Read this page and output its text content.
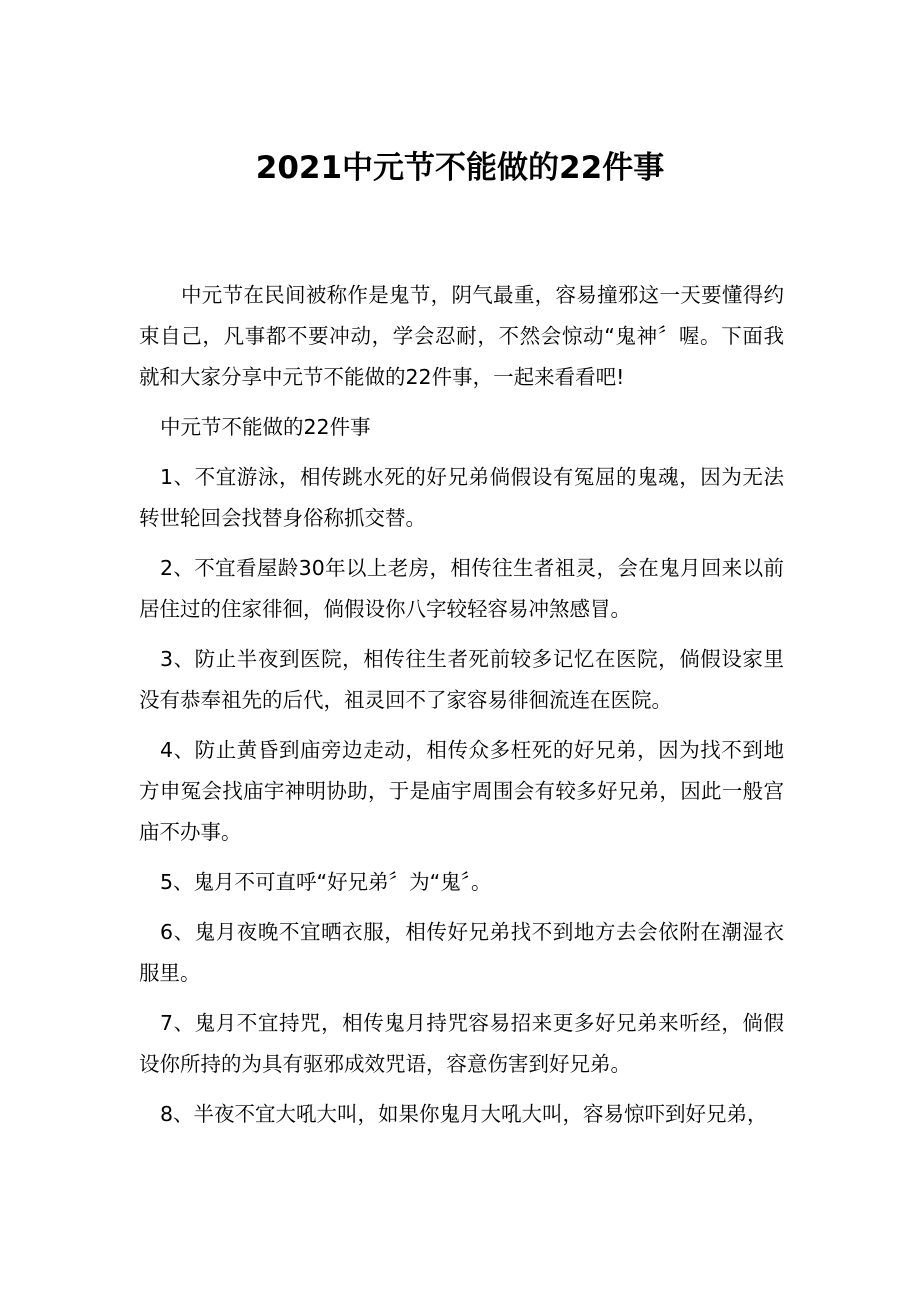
2021中元节不能做的22件事

中元节在民间被称作是鬼节，阴气最重，容易撞邪这一天要懂得约束自己，凡事都不要冲动，学会忍耐，不然会惊动“鬼神〞喔。下面我就和大家分享中元节不能做的22件事，一起来看看吧!

中元节不能做的22件事

1、不宜游泳，相传跳水死的好兄弟倘假设有冤屈的鬼魂，因为无法转世轮回会找替身俗称抓交替。

2、不宜看屋龄30年以上老房，相传往生者祖灵，会在鬼月回来以前居住过的住家徘徊，倘假设你八字较轻容易冲煞感冒。

3、防止半夜到医院，相传往生者死前较多记忆在医院，倘假设家里没有恭奉祖先的后代，祖灵回不了家容易徘徊流连在医院。

4、防止黄昏到庙旁边走动，相传众多枉死的好兄弟，因为找不到地方申冤会找庙宇神明协助，于是庙宇周围会有较多好兄弟，因此一般宫庙不办事。

5、鬼月不可直呼“好兄弟〞为“鬼〞。

6、鬼月夜晚不宜晒衣服，相传好兄弟找不到地方去会依附在潮湿衣服里。

7、鬼月不宜持咒，相传鬼月持咒容易招来更多好兄弟来听经，倘假设你所持的为具有驱邪成效咒语，容意伤害到好兄弟。

8、半夜不宜大吼大叫，如果你鬼月大吼大叫，容易惊吓到好兄弟，
